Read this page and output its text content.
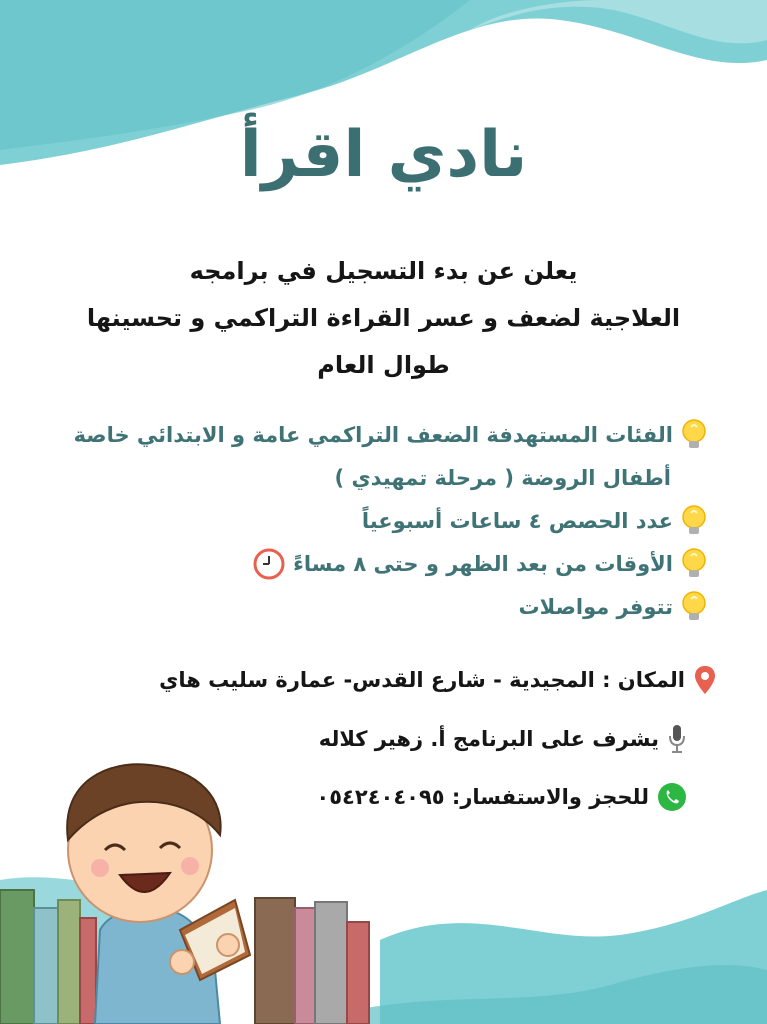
نادي اقرأ
يعلن عن بدء التسجيل في برامجه
العلاجية لضعف و عسر القراءة التراكمي و تحسينها
طوال العام
الفئات المستهدفة الضعف التراكمي عامة و الابتدائي خاصة
أطفال الروضة ( مرحلة تمهيدي )
عدد الحصص ٤ ساعات أسبوعياً
الأوقات من بعد الظهر و حتى ٨ مساءً
تتوفر مواصلات
المكان : المجيدية - شارع القدس- عمارة سليب هاي
يشرف على البرنامج أ. زهير كلاله
للحجز والاستفسار: ٠٥٤٢٤٠٤٠٩٥
